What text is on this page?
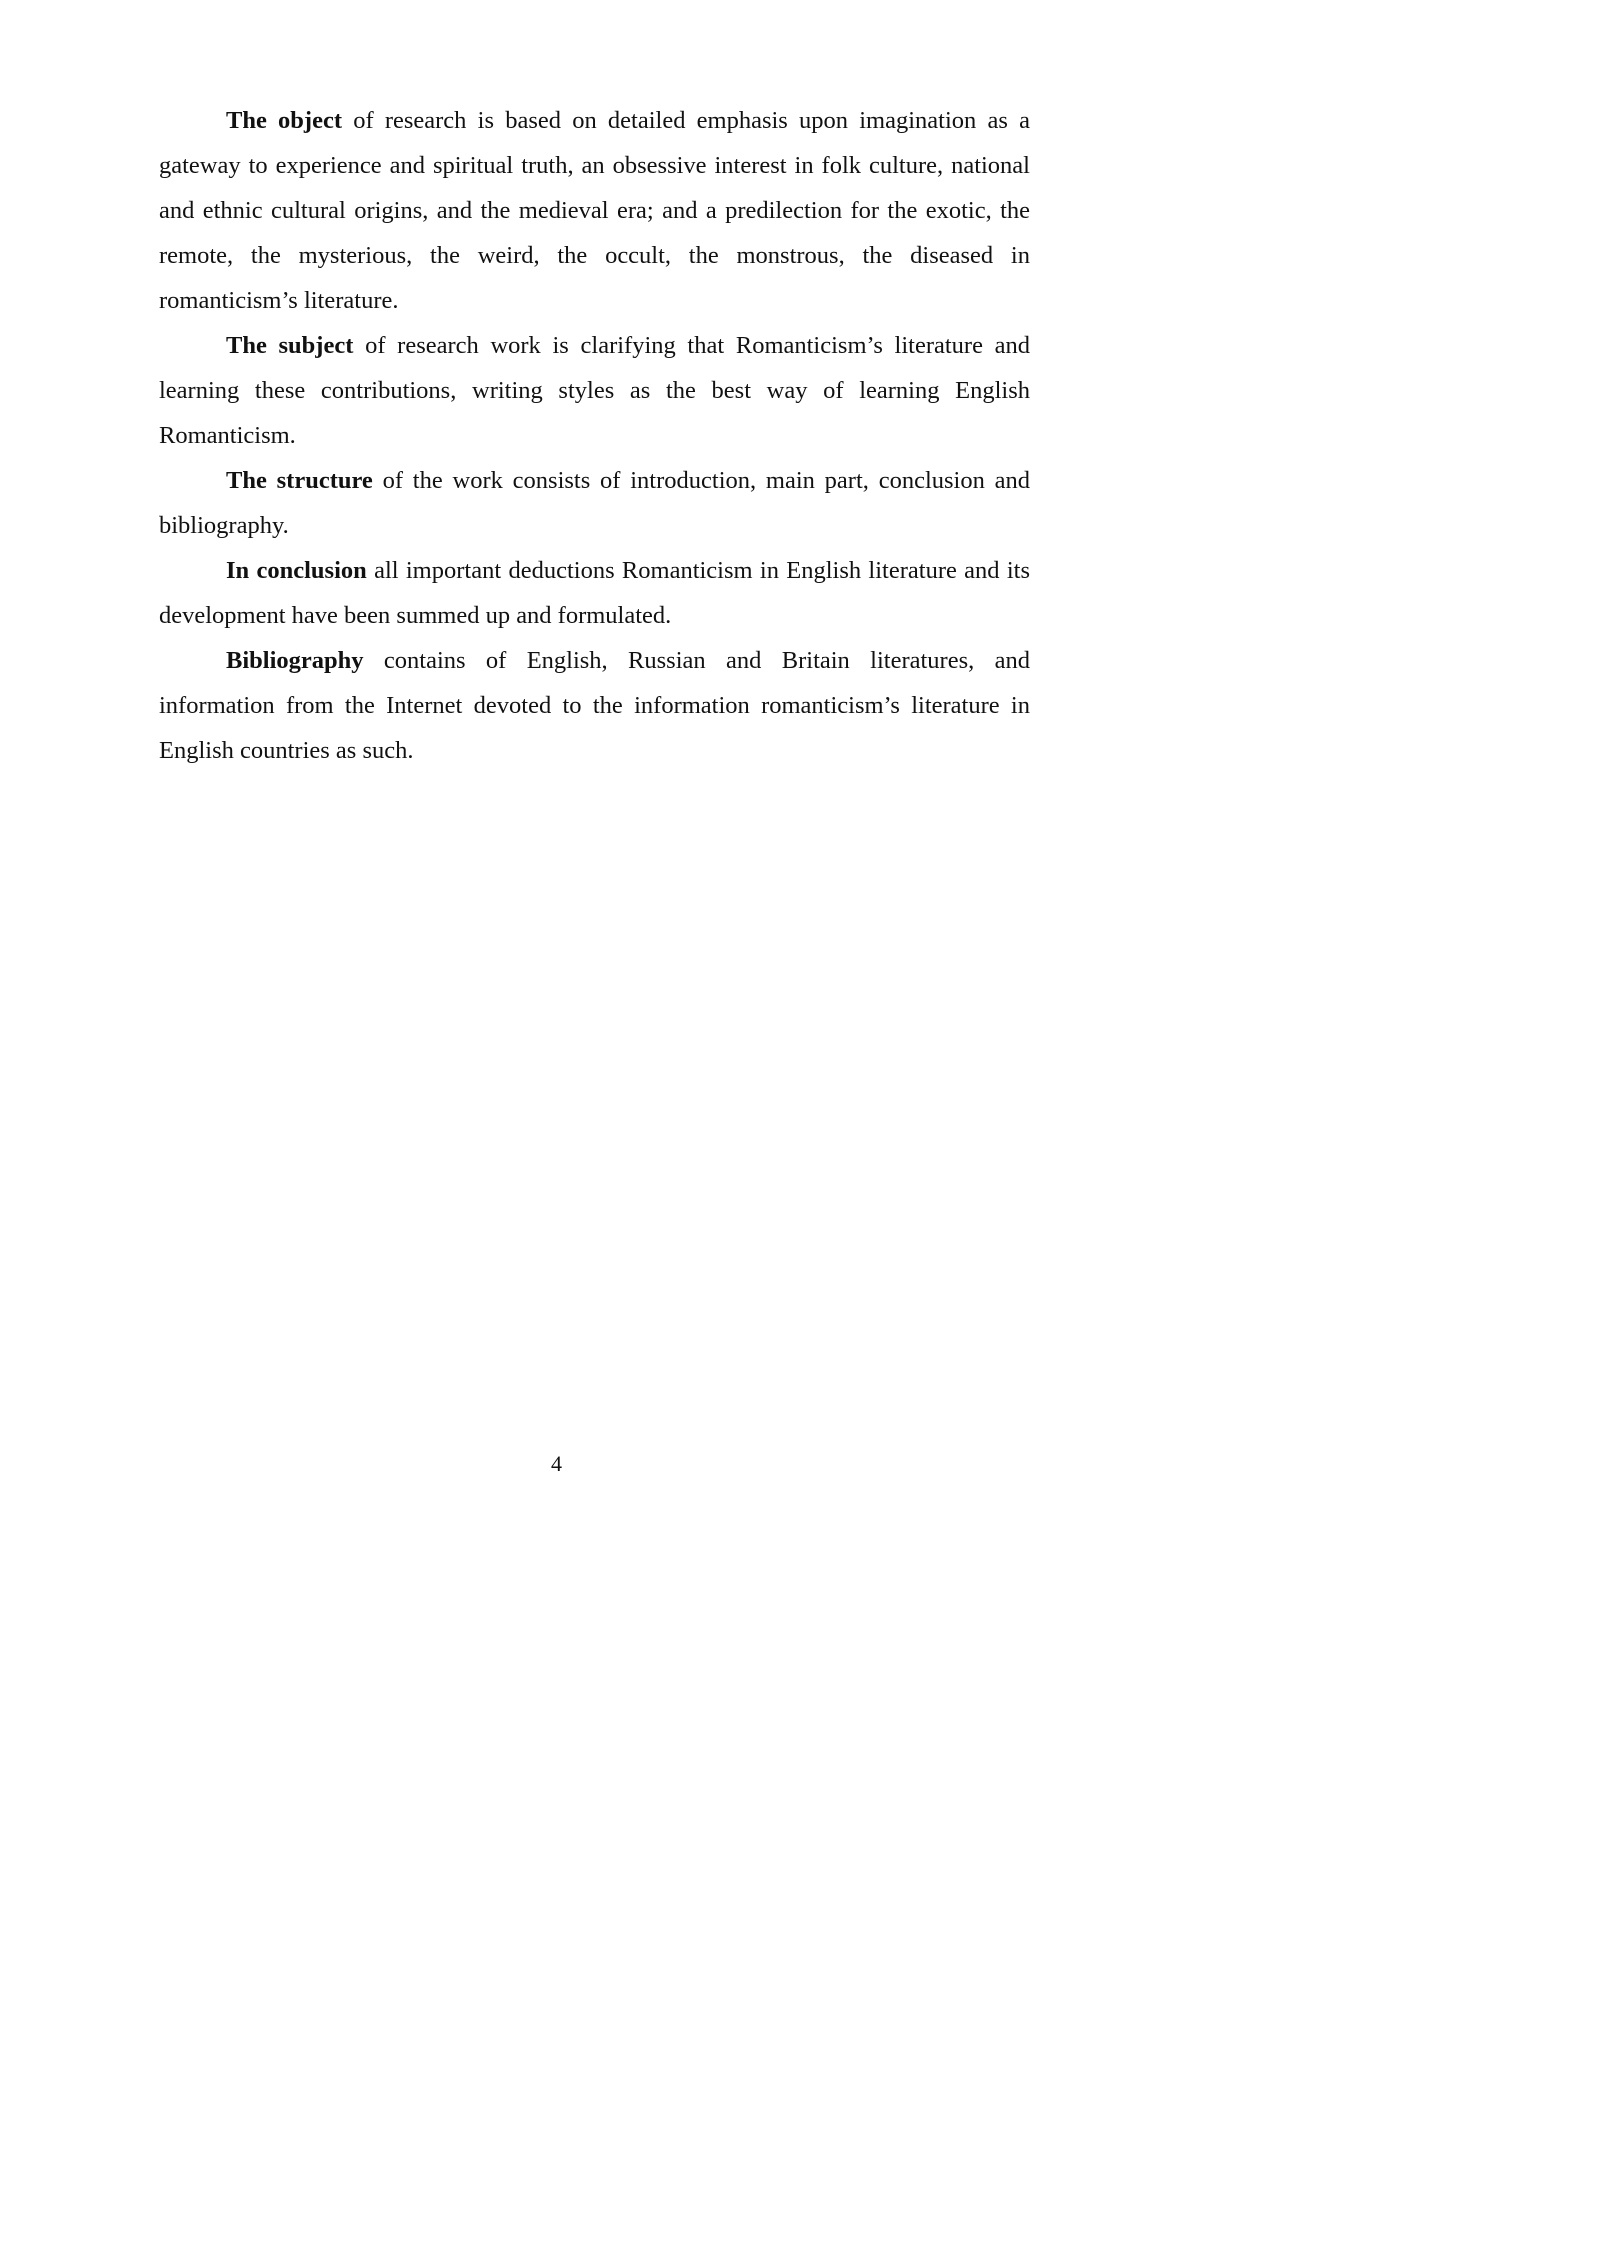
The object of research is based on detailed emphasis upon imagination as a gateway to experience and spiritual truth, an obsessive interest in folk culture, national and ethnic cultural origins, and the medieval era; and a predilection for the exotic, the remote, the mysterious, the weird, the occult, the monstrous, the diseased in romanticism’s literature.

The subject of research work is clarifying that Romanticism’s literature and learning these contributions, writing styles as the best way of learning English Romanticism.

The structure of the work consists of introduction, main part, conclusion and bibliography.

In conclusion all important deductions Romanticism in English literature and its development have been summed up and formulated.

Bibliography contains of English, Russian and Britain literatures, and information from the Internet devoted to the information romanticism’s literature in English countries as such.

4
